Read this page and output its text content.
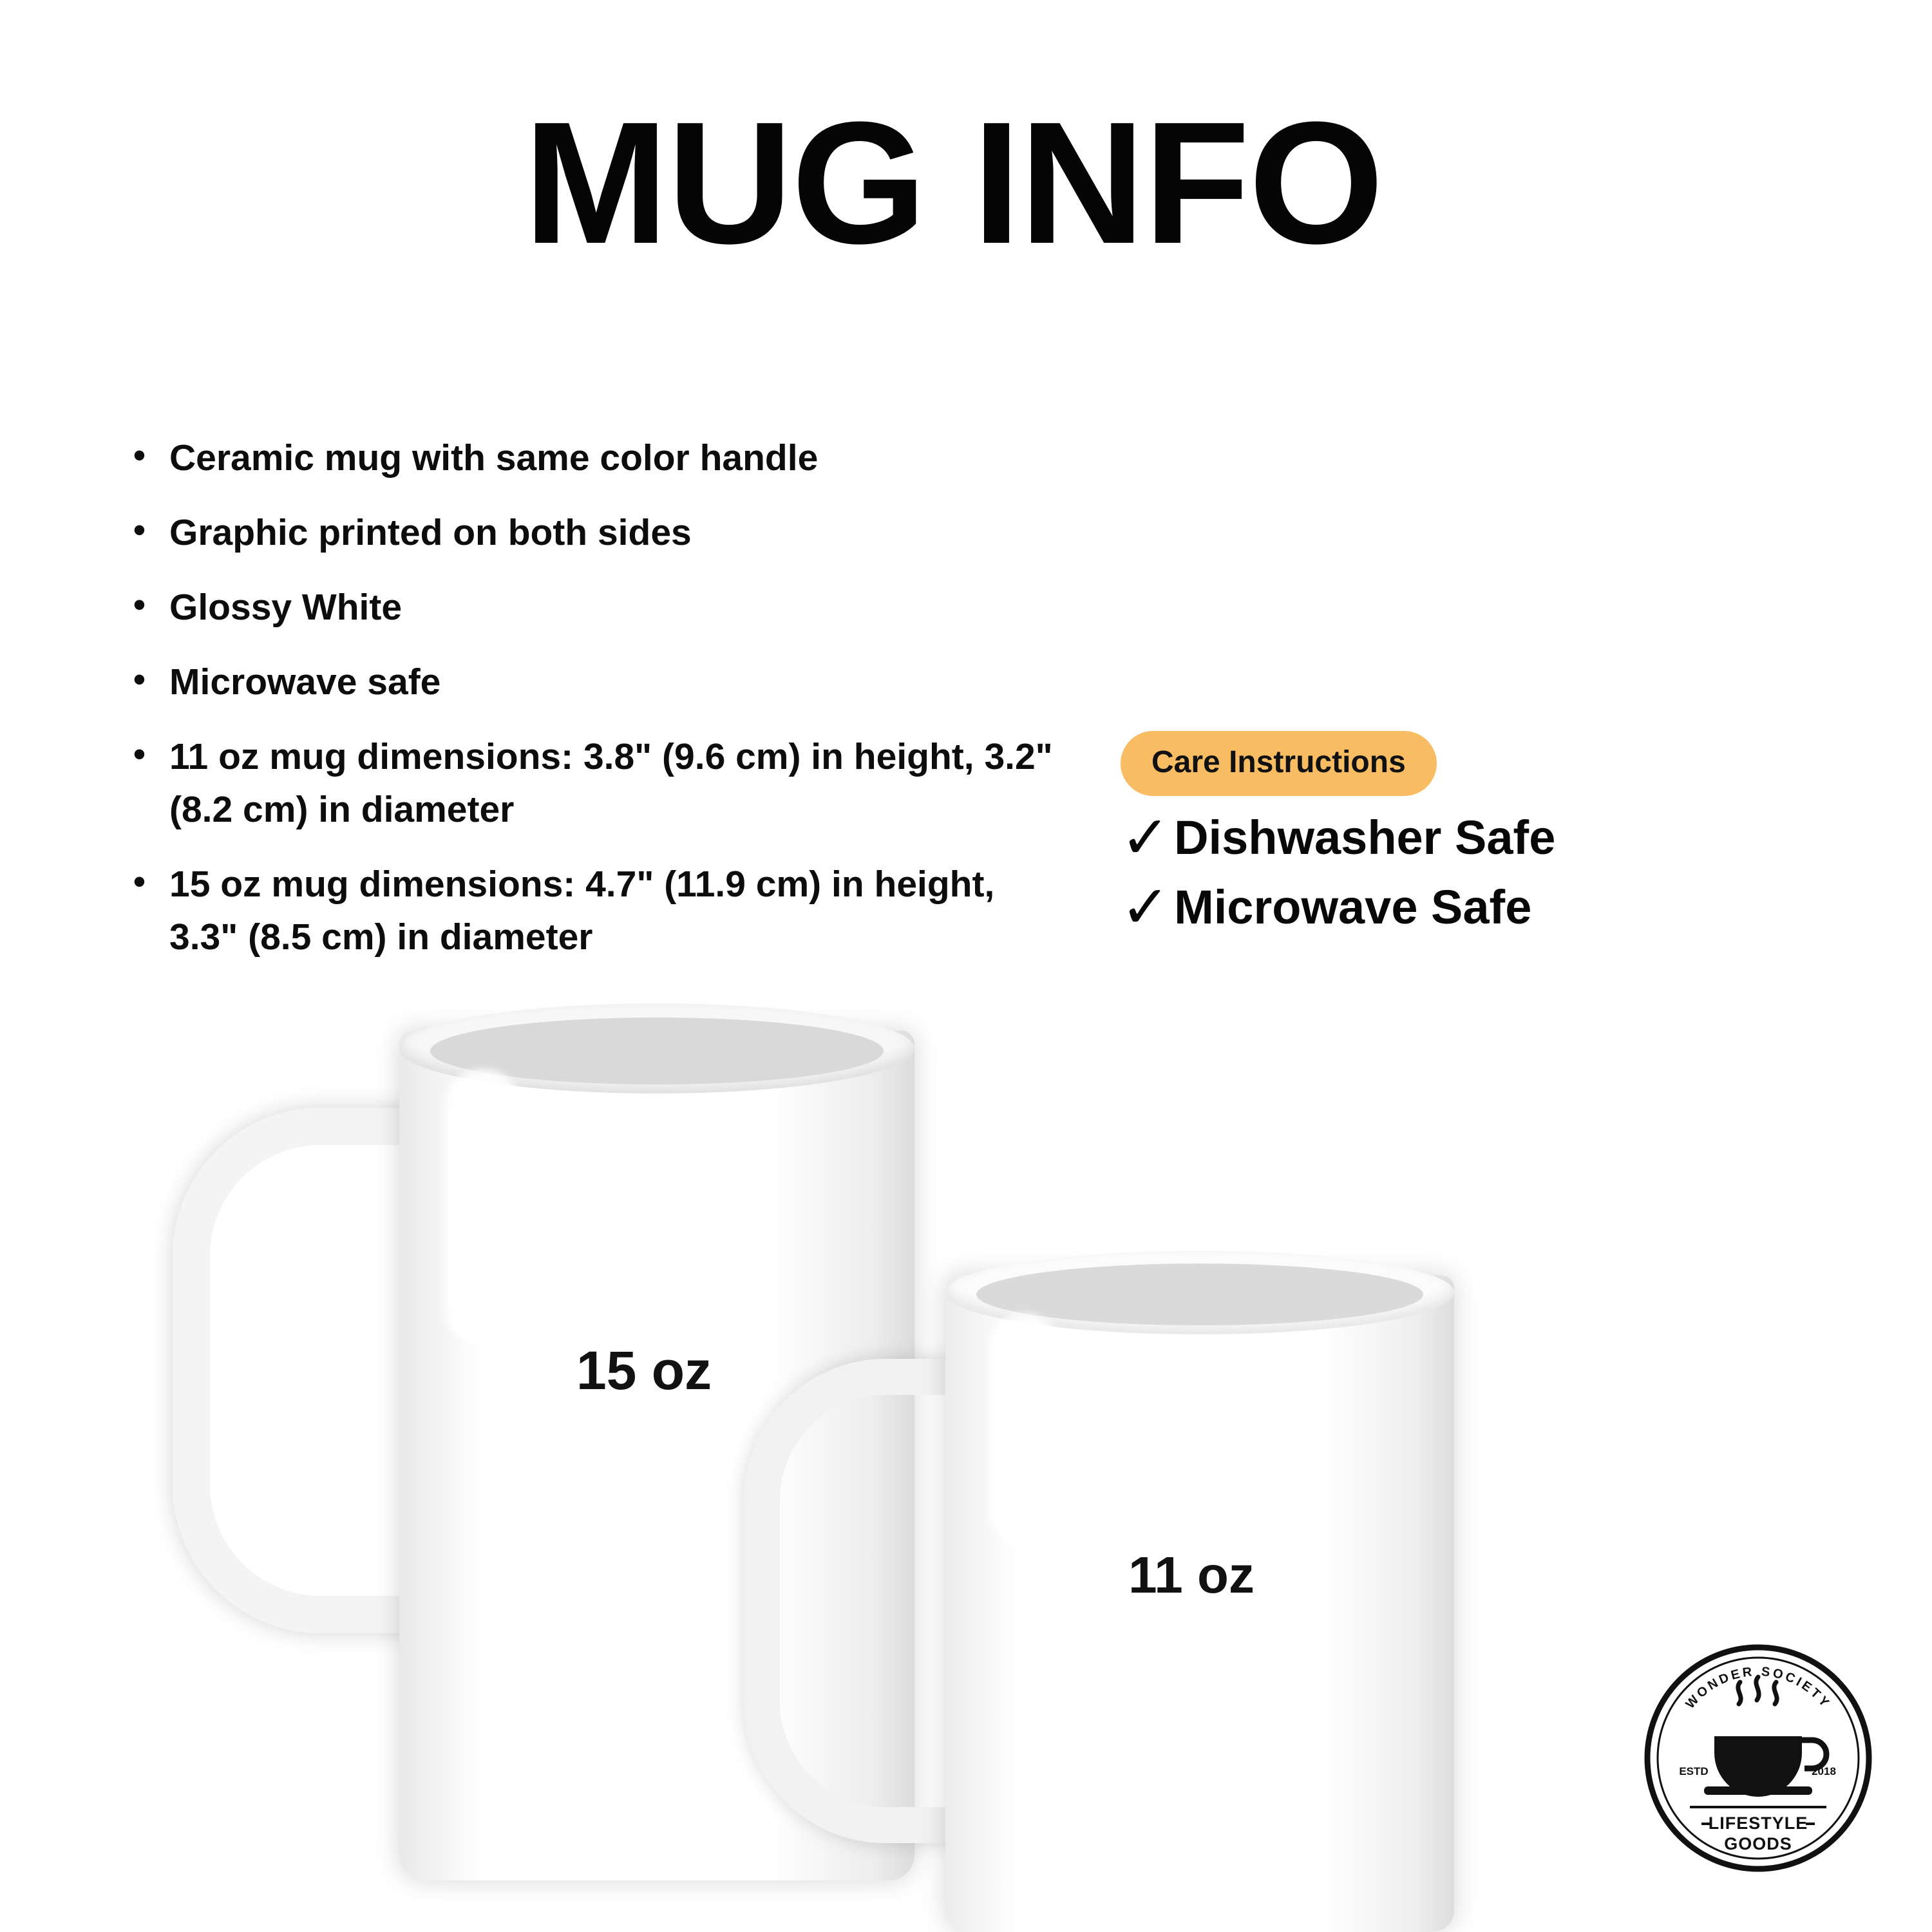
MUG INFO
• Ceramic mug with same color handle
• Graphic printed on both sides
• Glossy White
• Microwave safe
• 11 oz mug dimensions: 3.8" (9.6 cm) in height, 3.2" (8.2 cm) in diameter
• 15 oz mug dimensions: 4.7" (11.9 cm) in height, 3.3" (8.5 cm) in diameter
Care Instructions
✓ Dishwasher Safe
✓ Microwave Safe
15 oz
11 oz
WONDER SOCIETY
ESTD	2018
LIFESTYLE
GOODS
